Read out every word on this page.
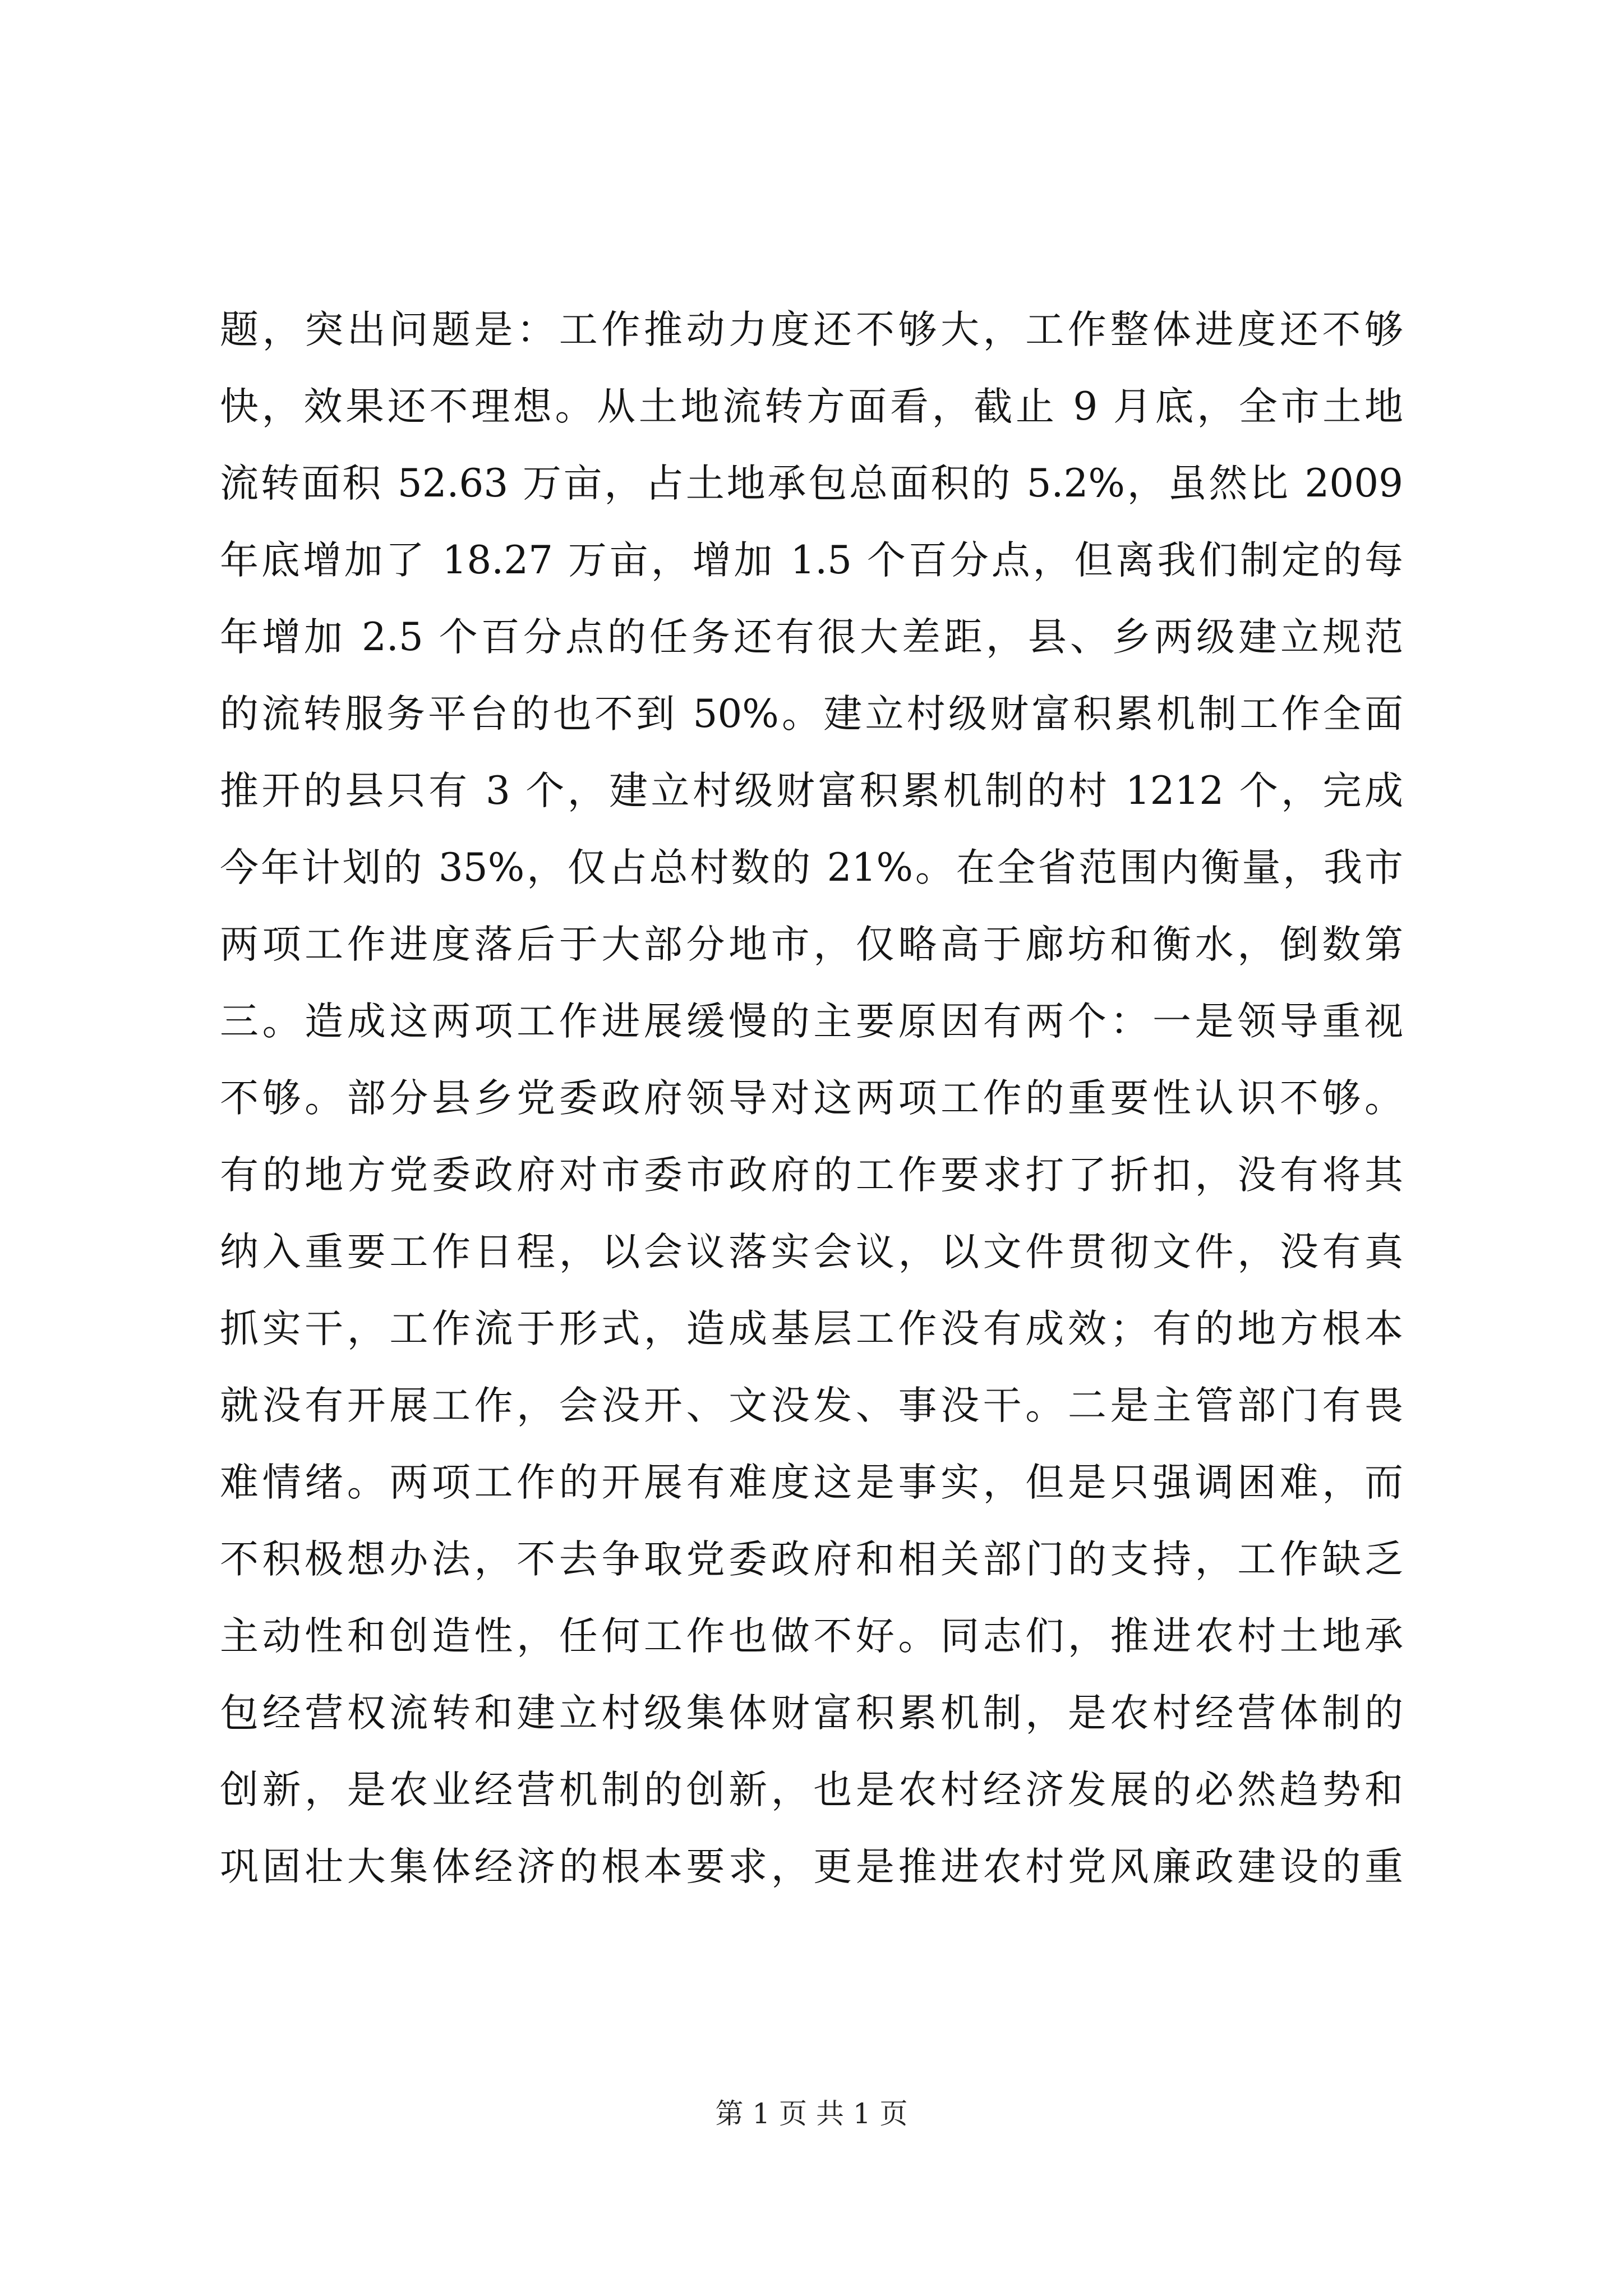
题，突出问题是：工作推动力度还不够大，工作整体进度还不够
快，效果还不理想。从土地流转方面看，截止 9 月底，全市土地
流转面积 52.63 万亩，占土地承包总面积的 5.2%，虽然比 2009
年底增加了 18.27 万亩，增加 1.5 个百分点，但离我们制定的每
年增加 2.5 个百分点的任务还有很大差距，县、乡两级建立规范
的流转服务平台的也不到 50%。建立村级财富积累机制工作全面
推开的县只有 3 个，建立村级财富积累机制的村 1212 个，完成
今年计划的 35%，仅占总村数的 21%。在全省范围内衡量，我市
两项工作进度落后于大部分地市，仅略高于廊坊和衡水，倒数第
三。造成这两项工作进展缓慢的主要原因有两个：一是领导重视
不够。部分县乡党委政府领导对这两项工作的重要性认识不够。
有的地方党委政府对市委市政府的工作要求打了折扣，没有将其
纳入重要工作日程，以会议落实会议，以文件贯彻文件，没有真
抓实干，工作流于形式，造成基层工作没有成效；有的地方根本
就没有开展工作，会没开、文没发、事没干。二是主管部门有畏
难情绪。两项工作的开展有难度这是事实，但是只强调困难，而
不积极想办法，不去争取党委政府和相关部门的支持，工作缺乏
主动性和创造性，任何工作也做不好。同志们，推进农村土地承
包经营权流转和建立村级集体财富积累机制，是农村经营体制的
创新，是农业经营机制的创新，也是农村经济发展的必然趋势和
巩固壮大集体经济的根本要求，更是推进农村党风廉政建设的重
第 1 页 共 1 页
